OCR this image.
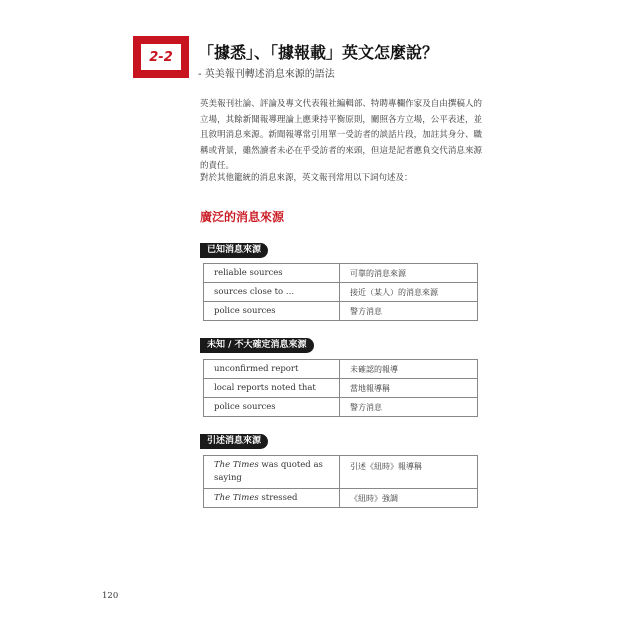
2-2	「據悉」、「據報載」英文怎麼說？
- 英美報刊轉述消息來源的語法

英美報刊社論、評論及專文代表報社編輯部、特聘專欄作家及自由撰稿人的立場，其餘新聞報導理論上應秉持平衡原則，關照各方立場，公平表述，並且敘明消息來源。新聞報導常引用單一受訪者的談話片段，加註其身分、職稱或背景，雖然讀者未必在乎受訪者的來頭，但這是記者應負交代消息來源的責任。

對於其他籠統的消息來源，英文報刊常用以下詞句述及：
廣泛的消息來源
已知消息來源
reliable sources	可靠的消息來源
sources close to …	接近（某人）的消息來源
police sources	警方消息
未知 / 不大確定消息來源
unconfirmed report	未確認的報導
local reports noted that	當地報導稱
police sources	警方消息
引述消息來源
The Times was quoted as saying	引述《紐時》報導稱
The Times stressed	《紐時》強調
120
